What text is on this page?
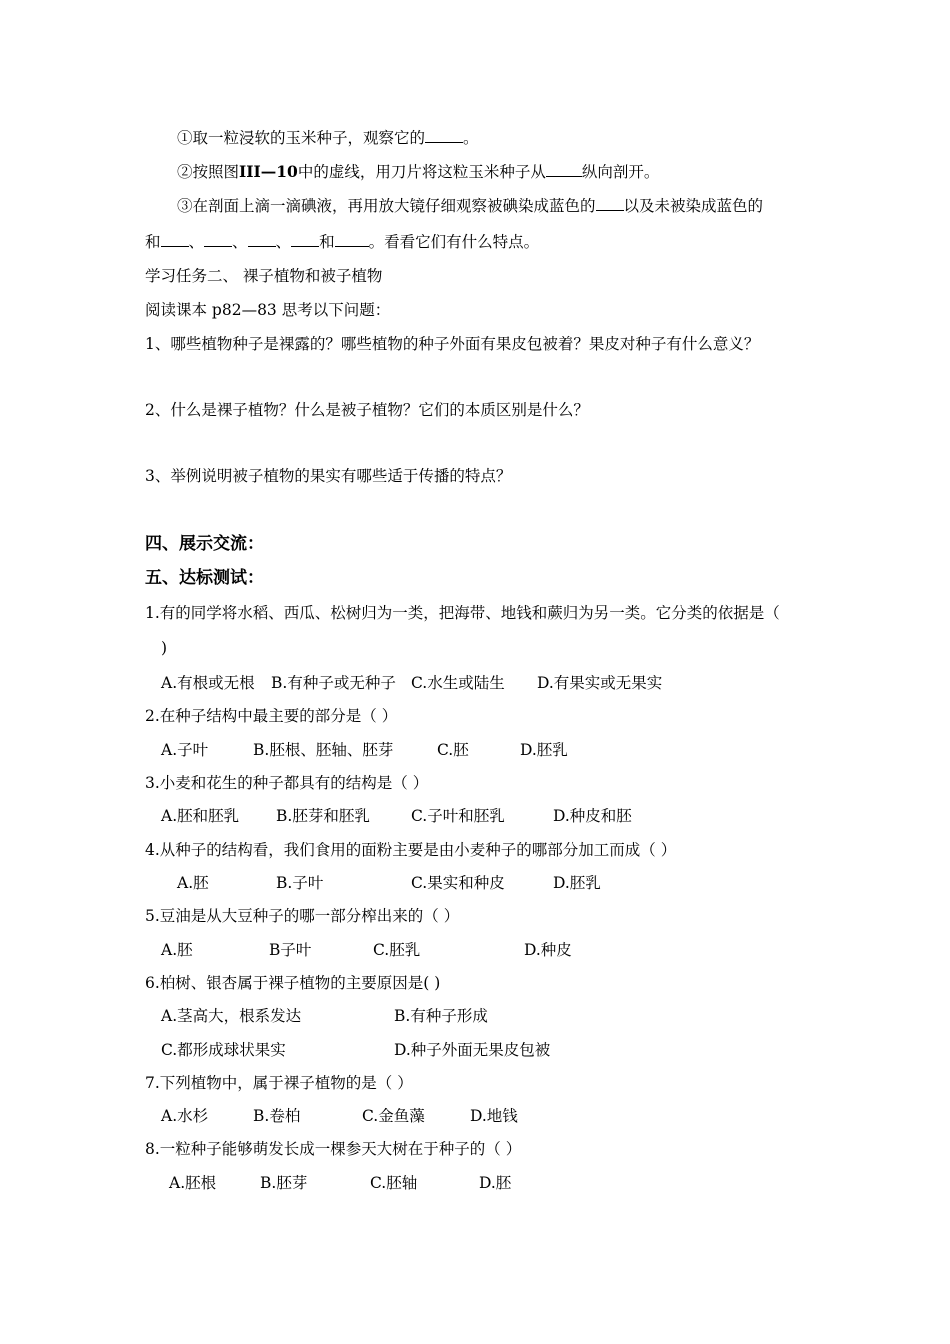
①取一粒浸软的玉米种子，观察它的 。
②按照图III—10中的虚线，用刀片将这粒玉米种子从 纵向剖开。
③在剖面上滴一滴碘液，再用放大镜仔细观察被碘染成蓝色的 以及未被染成蓝色的
和 、 、 、 和 。看看它们有什么特点。
学习任务二、 裸子植物和被子植物
阅读课本 p82—83 思考以下问题：
1、哪些植物种子是裸露的？哪些植物的种子外面有果皮包被着？果皮对种子有什么意义？
2、什么是裸子植物？什么是被子植物？它们的本质区别是什么？
3、举例说明被子植物的果实有哪些适于传播的特点？
四、展示交流：
五、达标测试：
1.有的同学将水稻、西瓜、松树归为一类，把海带、地钱和蕨归为另一类。它分类的依据是（
)
A.有根或无根 B.有种子或无种子 C.水生或陆生 D.有果实或无果实
2.在种子结构中最主要的部分是（ ）
A.子叶	B.胚根、胚轴、胚芽	C.胚	D.胚乳
3.小麦和花生的种子都具有的结构是（ ）
A.胚和胚乳 B.胚芽和胚乳	C.子叶和胚乳	D.种皮和胚
4.从种子的结构看，我们食用的面粉主要是由小麦种子的哪部分加工而成（ ）
A.胚	B.子叶	C.果实和种皮	D.胚乳
5.豆油是从大豆种子的哪一部分榨出来的（ ）
A.胚	B子叶	C.胚乳	D.种皮
6.柏树、银杏属于裸子植物的主要原因是( )
A.茎高大，根系发达	B.有种子形成
C.都形成球状果实	D.种子外面无果皮包被
7.下列植物中，属于裸子植物的是（ ）
A.水杉	B.卷柏	C.金鱼藻	D.地钱
8.一粒种子能够萌发长成一棵参天大树在于种子的（ ）
A.胚根	B.胚芽	C.胚轴	D.胚
